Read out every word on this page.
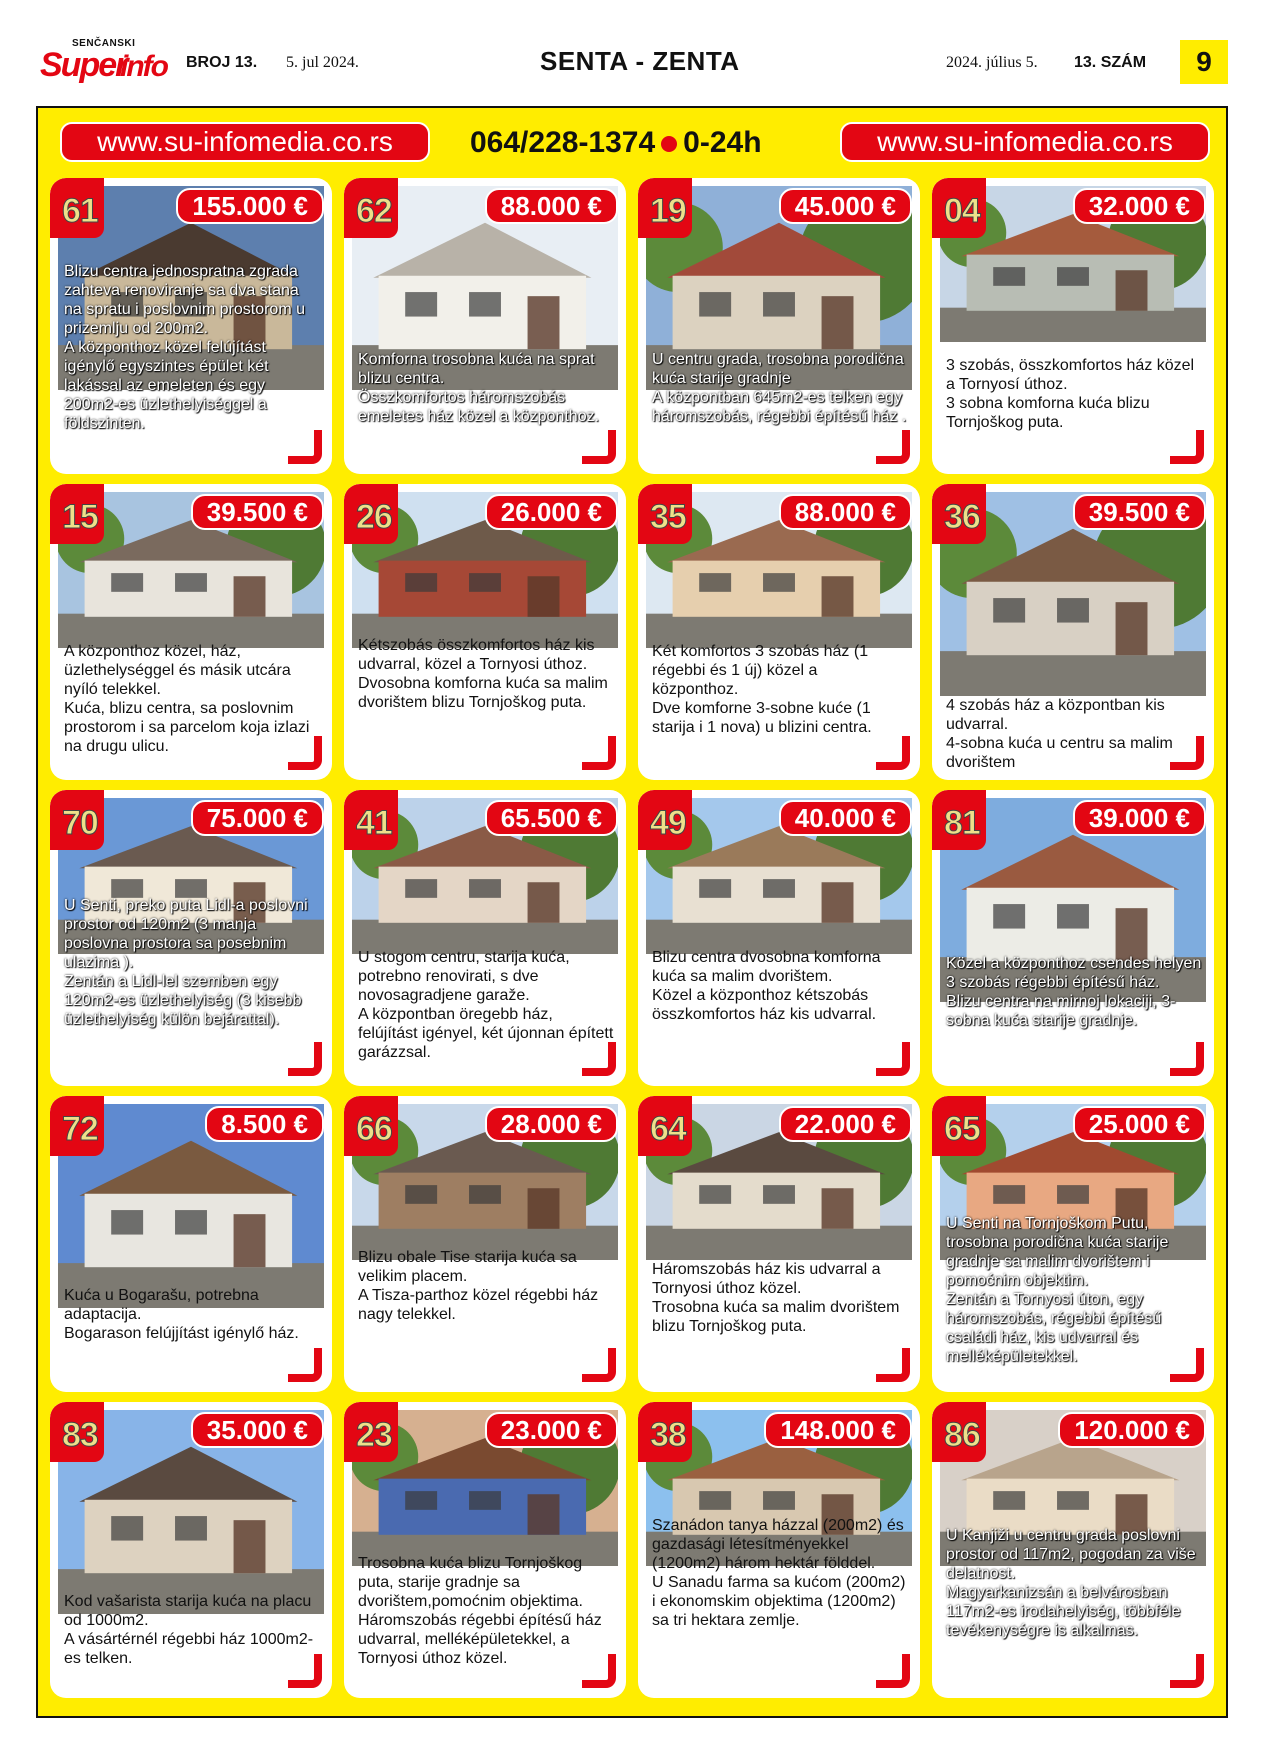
SENČANSKI
Super
info BROJ 13. 5. jul 2024.	SENTA - ZENTA	2024. július 5. 13. SZÁM	9
www.su-infomedia.co.rs	064/228-1374 0-24h	www.su-infomedia.co.rs
61	155.000 €
Blizu centra jednospratna zgrada zahteva renoviranje sa dva stana na spratu i poslovnim prostorom u prizemlju od 200m2.
A központhoz közel felújítást igénylő egyszintes épület két lakással az emeleten és egy 200m2-es üzlethelyiséggel a földszinten.
62	88.000 €
Komforna trosobna kuća na sprat blizu centra.
Összkomfortos háromszobás emeletes ház közel a központhoz.
19	45.000 €
U centru grada, trosobna porodična kuća starije gradnje
A központban 645m2-es telken egy háromszobás, régebbi építésű ház .
04	32.000 €
3 szobás, összkomfortos ház közel a Tornyosí úthoz.
3 sobna komforna kuća blizu Tornjoškog puta.
15	39.500 €
A központhoz közel, ház, üzlethelységgel és másik utcára nyíló telekkel.
Kuća, blizu centra, sa poslovnim prostorom i sa parcelom koja izlazi na drugu ulicu.
26	26.000 €
Kétszobás összkomfortos ház kis udvarral, közel a Tornyosi úthoz.
Dvosobna komforna kuća sa malim dvorištem blizu Tornjoškog puta.
35	88.000 €
Két komfortos 3 szobás ház (1 régebbi és 1 új) közel a központhoz.
Dve komforne 3-sobne kuće (1 starija i 1 nova) u blizini centra.
36	39.500 €
4 szobás ház a központban kis udvarral.
4-sobna kuća u centru sa malim dvorištem
70	75.000 €
U Senti, preko puta Lidl-a poslovni prostor od 120m2 (3 manja poslovna prostora sa posebnim ulazima ).
Zentán a Lidl-lel szemben egy 120m2-es üzlethelyiség (3 kisebb üzlethelyiség külön bejárattal).
41	65.500 €
U stogom centru, starija kuća, potrebno renovirati, s dve novosagradjene garaže.
A központban öregebb ház, felújítást igényel, két újonnan épített garázzsal.
49	40.000 €
Blizu centra dvosobna komforna kuća sa malim dvorištem.
Közel a központhoz kétszobás összkomfortos ház kis udvarral.
81	39.000 €
Közel a központhoz csendes helyen 3 szobás régebbi építésű ház.
Blizu centra na mirnoj lokaciji, 3-sobna kuća starije gradnje.
72	8.500 €
Kuća u Bogarašu, potrebna adaptacija.
Bogarason felújjítást igénylő ház.
66	28.000 €
Blizu obale Tise starija kuća sa velikim placem.
A Tisza-parthoz közel régebbi ház nagy telekkel.
64	22.000 €
Háromszobás ház kis udvarral a Tornyosi úthoz közel.
Trosobna kuća sa malim dvorištem blizu Tornjoškog puta.
65	25.000 €
U Senti na Tornjoškom Putu, trosobna porodična kuća starije gradnje sa malim dvorištem i pomoćnim objektim.
Zentán a Tornyosi úton, egy háromszobás, régebbi építésű családi ház, kis udvarral és melléképületekkel.
83	35.000 €
Kod vašarista starija kuća na placu od 1000m2.
A vásártérnél régebbi ház 1000m2-es telken.
23	23.000 €
Trosobna kuća blizu Tornjoškog puta, starije gradnje sa dvorištem,pomoćnim objektima.
Háromszobás régebbi építésű ház udvarral, melléképületekkel, a Tornyosi úthoz közel.
38	148.000 €
Szanádon tanya házzal (200m2) és gazdasági létesítményekkel (1200m2) három hektár földdel.
U Sanadu farma sa kućom (200m2) i ekonomskim objektima (1200m2) sa tri hektara zemlje.
86	120.000 €
U Kanjiži u centru grada poslovni prostor od 117m2, pogodan za više delatnost.
Magyarkanizsán a belvárosban 117m2-es irodahelyiség, többféle tevékenységre is alkalmas.
